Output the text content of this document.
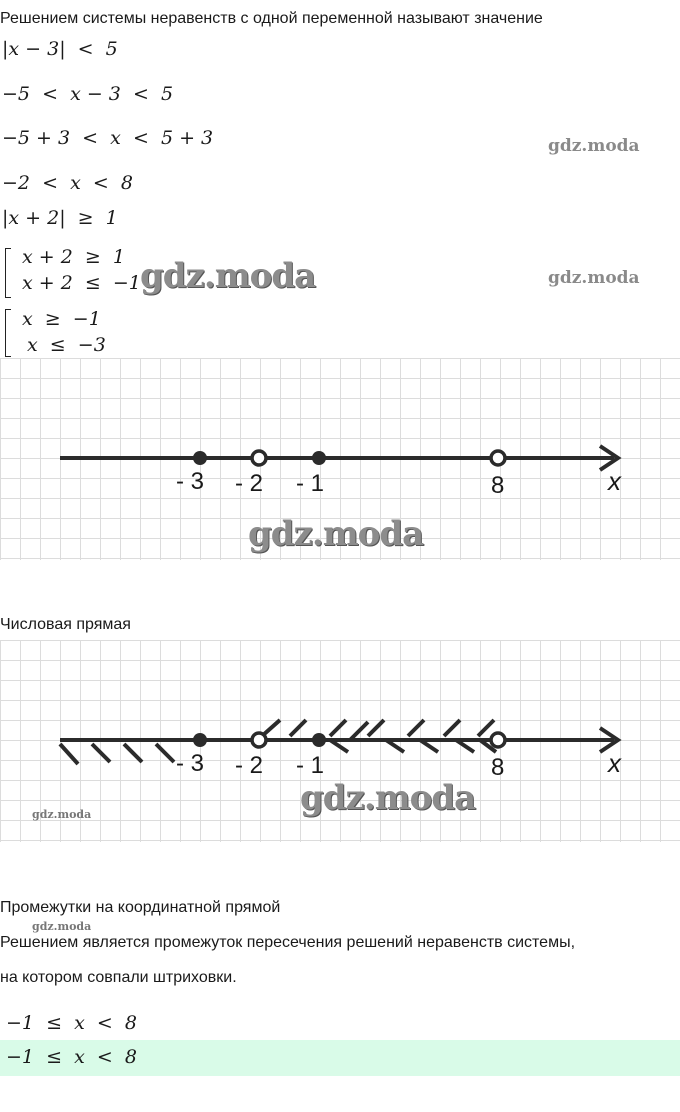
Решением системы неравенств с одной переменной называют значение
|x − 3|  <  5
−5  <  x − 3  <  5
−5 + 3  <  x  <  5 + 3
−2  <  x  <  8
|x + 2|  ≥  1
x + 2  ≥  1
x + 2  ≤  −1
x  ≥  −1
x  ≤  −3
gdz.moda
gdz.moda	gdz.moda
- 3 - 2 - 1	8	x
gdz.moda
Числовая прямая
- 3 - 2 - 1	8	x
gdz.moda
gdz.moda
Промежутки на координатной прямой
gdz.moda
Решением является промежуток пересечения решений неравенств системы,
на котором совпали штриховки.
−1  ≤  x  <  8
−1  ≤  x  <  8
